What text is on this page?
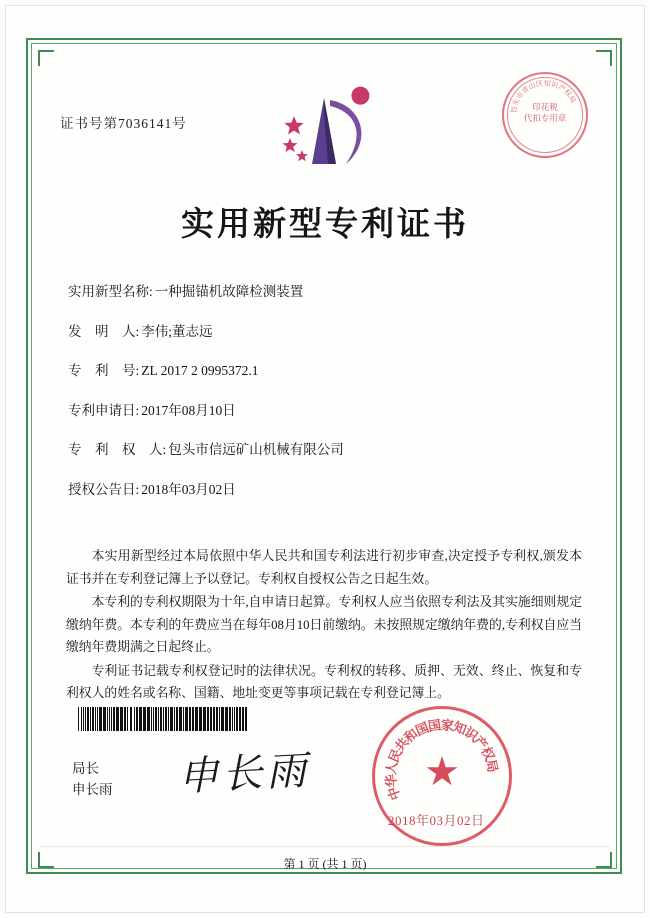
证书号第7036141号
包
头
市
青
山
区 知 识
产
权
局
印花税
代扣专用章
实用新型专利证书
实用新型名称: 一种掘锚机故障检测装置
发　明　人: 李伟;董志远
专　利　号: ZL 2017 2 0995372.1
专利申请日: 2017年08月10日
专　利　权　人: 包头市信远矿山机械有限公司
授权公告日: 2018年03月02日

本实用新型经过本局依照中华人民共和国专利法进行初步审查,决定授予专利权,颁发本证书并在专利登记簿上予以登记。专利权自授权公告之日起生效。

本专利的专利权期限为十年,自申请日起算。专利权人应当依照专利法及其实施细则规定缴纳年费。本专利的年费应当在每年08月10日前缴纳。未按照规定缴纳年费的,专利权自应当缴纳年费期满之日起终止。

专利证书记载专利权登记时的法律状况。专利权的转移、质押、无效、终止、恢复和专利权人的姓名或名称、国籍、地址变更等事项记载在专利登记簿上。

局长
申长雨 申长雨	中
华
人
民
共
和
国
国
家
知
识
产
权
局
★
2018年03月02日
第 1 页 (共 1 页)
